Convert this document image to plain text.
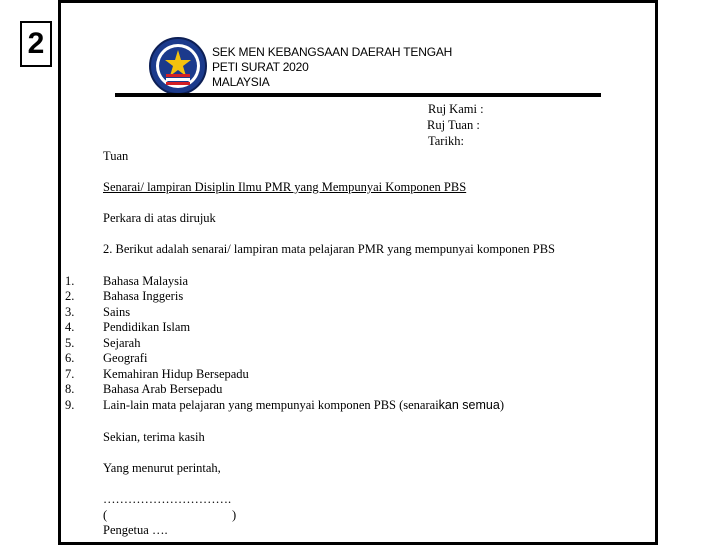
2	SEK MEN KEBANGSAAN DAERAH TENGAH
PETI SURAT 2020
MALAYSIA
Ruj Kami :
Ruj Tuan :
Tarikh:
Tuan
Senarai/ lampiran Disiplin Ilmu PMR yang Mempunyai Komponen PBS
Perkara di atas dirujuk
2. Berikut adalah senarai/ lampiran mata pelajaran PMR yang mempunyai komponen PBS
1. Bahasa Malaysia
2. Bahasa Inggeris
3. Sains
4. Pendidikan Islam
5. Sejarah
6. Geografi
7. Kemahiran Hidup Bersepadu
8. Bahasa Arab Bersepadu
9. Lain-lain mata pelajaran yang mempunyai komponen PBS (senaraikan semua)
Sekian, terima kasih
Yang menurut perintah,
………………………….
(	)
Pengetua ….
